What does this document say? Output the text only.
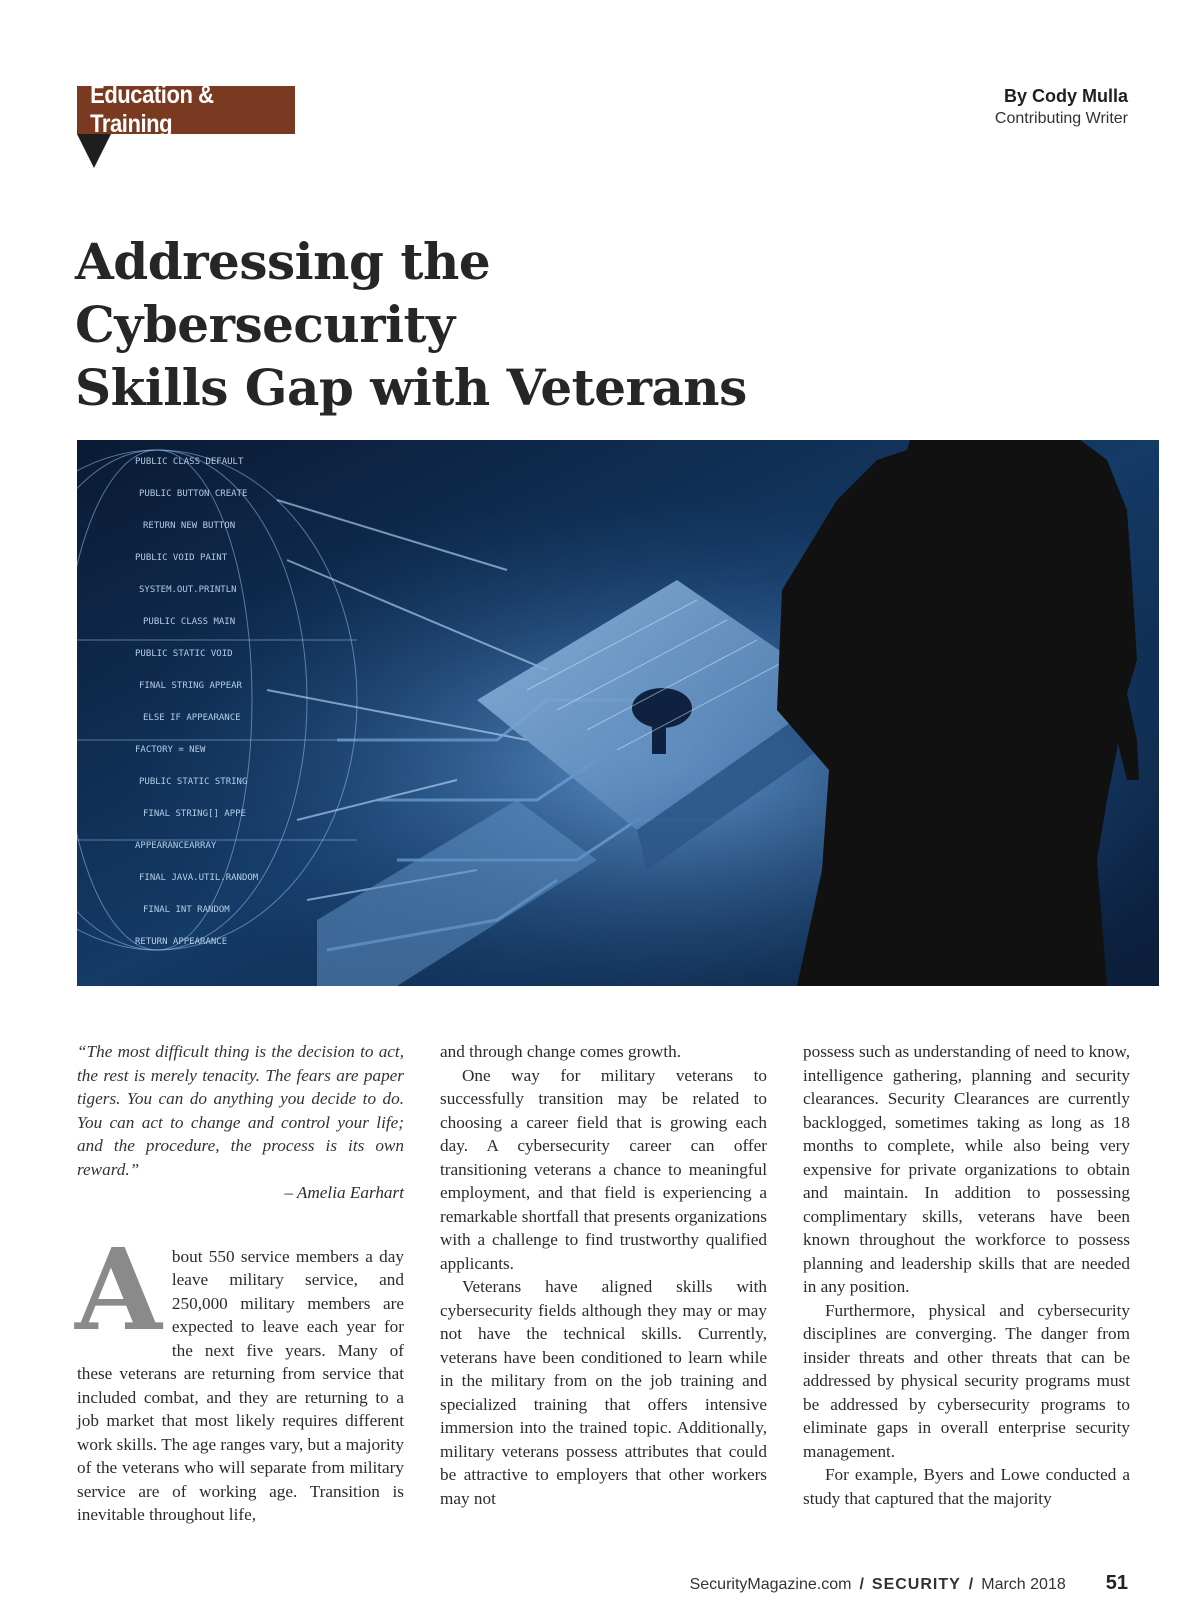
Education & Training
By Cody Mulla
Contributing Writer
Addressing the Cybersecurity
Skills Gap with Veterans
PUBLIC CLASS DEFAULT
PUBLIC BUTTON CREATE
RETURN NEW BUTTON
PUBLIC VOID PAINT
SYSTEM.OUT.PRINTLN
PUBLIC CLASS MAIN
PUBLIC STATIC VOID
FINAL STRING APPEAR
ELSE IF APPEARANCE
FACTORY = NEW
PUBLIC STATIC STRING
FINAL STRING[] APPE
APPEARANCEARRAY
FINAL JAVA.UTIL.RANDOM
FINAL INT RANDOM
RETURN APPEARANCE

“The most difficult thing is the decision to act, the rest is merely tenacity. The fears are paper tigers. You can do anything you decide to do. You can act to change and control your life; and the procedure, the process is its own reward.”

– Amelia Earhart

About 550 service members a day leave military service, and 250,000 military members are expected to leave each year for the next five years. Many of these veterans are returning from service that included combat, and they are returning to a job market that most likely requires different work skills. The age ranges vary, but a majority of the veterans who will separate from military service are of working age. Transition is inevitable throughout life,

and through change comes growth.

One way for military veterans to successfully transition may be related to choosing a career field that is growing each day. A cybersecurity career can offer transitioning veterans a chance to meaningful employment, and that field is experiencing a remarkable shortfall that presents organizations with a challenge to find trustworthy qualified applicants.

Veterans have aligned skills with cybersecurity fields although they may or may not have the technical skills. Currently, veterans have been conditioned to learn while in the military from on the job training and specialized training that offers intensive immersion into the trained topic. Additionally, military veterans possess attributes that could be attractive to employers that other workers may not

possess such as understanding of need to know, intelligence gathering, planning and security clearances. Security Clearances are currently backlogged, sometimes taking as long as 18 months to complete, while also being very expensive for private organizations to obtain and maintain. In addition to possessing complimentary skills, veterans have been known throughout the workforce to possess planning and leadership skills that are needed in any position.

Furthermore, physical and cybersecurity disciplines are converging. The danger from insider threats and other threats that can be addressed by physical security programs must be addressed by cybersecurity programs to eliminate gaps in overall enterprise security management.

For example, Byers and Lowe conducted a study that captured that the majority

SecurityMagazine.com / SECURITY / March 2018 51
